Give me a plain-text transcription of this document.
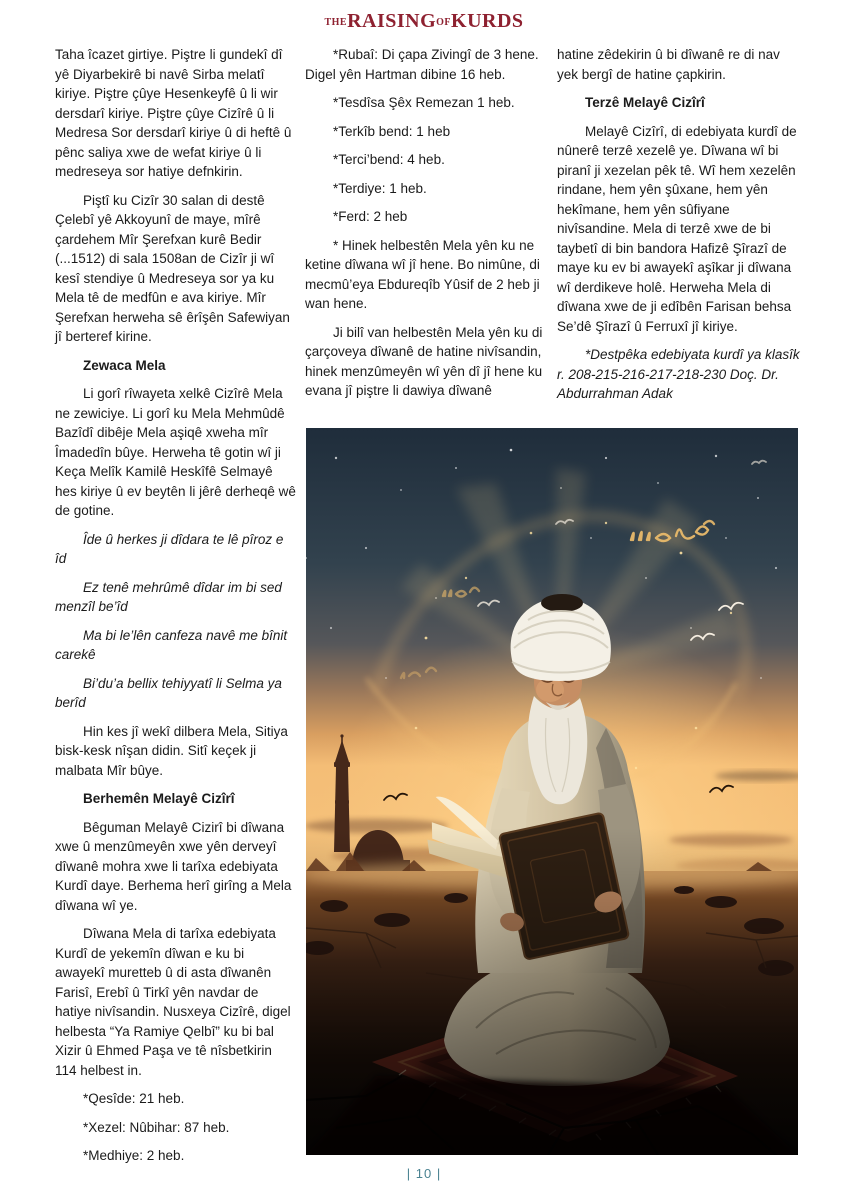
THERAISINGOFKURDS

Taha îcazet girtiye. Piştre li gundekî dî yê Diyarbekirê bi navê Sirba melatî kiriye. Piştre çûye Hesenkeyfê û li wir dersdarî kiriye. Piştre çûye Cizîrê û li Medresa Sor dersdarî kiriye û di heftê û pênc saliya xwe de wefat kiriye û li medreseya sor hatiye defnkirin.

Piştî ku Cizîr 30 salan di destê Çelebî yê Akkoyunî de maye, mîrê çardehem Mîr Şerefxan kurê Bedir (...1512) di sala 1508an de Cizîr ji wî kesî stendiye û Medreseya sor ya ku Mela tê de medfûn e ava kiriye. Mîr Şerefxan herweha sê êrîşên Safewiyan jî berteref kirine.

Zewaca Mela

Li gorî rîwayeta xelkê Cizîrê Mela ne zewiciye. Li gorî ku Mela Mehmûdê Bazîdî dibêje Mela aşiqê xweha mîr Îmadedîn bûye. Herweha tê gotin wî ji Keça Melîk Kamilê Heskîfê Selmayê hes kiriye û ev beytên li jêrê derheqê wê de gotine.

Îde û herkes ji dîdara te lê pîroz e îd

Ez tenê mehrûmê dîdar im bi sed menzîl be’îd

Ma bi le’lên canfeza navê me bînit carekê

Bi’du’a bellix tehiyyatî li Selma ya berîd

Hin kes jî wekî dilbera Mela, Sitiya bisk-kesk nîşan didin. Sitî keçek ji malbata Mîr bûye.

Berhemên Melayê Cizîrî

Bêguman Melayê Cizirî bi dîwana xwe û menzûmeyên xwe yên derveyî dîwanê mohra xwe li tarîxa edebiyata Kurdî daye. Berhema herî girîng a Mela dîwana wî ye.

Dîwana Mela di tarîxa edebiyata Kurdî de yekemîn dîwan e ku bi awayekî muretteb û di asta dîwanên Farisî, Erebî û Tirkî yên navdar de hatiye nivîsandin. Nusxeya Cizîrê, digel helbesta “Ya Ramiye Qelbî” ku bi bal Xizir û Ehmed Paşa ve tê nîsbetkirin 114 helbest in.

*Qesîde: 21 heb.

*Xezel: Nûbihar: 87 heb.

*Medhiye: 2 heb.

*Rubaî: Di çapa Zivingî de 3 hene. Digel yên Hartman dibine 16 heb.

*Tesdîsa Şêx Remezan 1 heb.

*Terkîb bend: 1 heb

*Terci’bend: 4 heb.

*Terdiye: 1 heb.

*Ferd: 2 heb

* Hinek helbestên Mela yên ku ne ketine dîwana wî jî hene. Bo nimûne, di mecmû’eya Ebdureqîb Yûsif de 2 heb ji wan hene.

Ji bilî van helbestên Mela yên ku di çarçoveya dîwanê de hatine nivîsandin, hinek menzûmeyên wî yên dî jî hene ku evana jî piştre li dawiya dîwanê

hatine zêdekirin û bi dîwanê re di nav yek bergî de hatine çapkirin.

Terzê Melayê Cizîrî

Melayê Cizîrî, di edebiyata kurdî de nûnerê terzê xezelê ye. Dîwana wî bi piranî ji xezelan pêk tê. Wî hem xezelên rindane, hem yên şûxane, hem yên hekîmane, hem yên sûfiyane nivîsandine. Mela di terzê xwe de bi taybetî di bin bandora Hafizê Şîrazî de maye ku ev bi awayekî aşîkar ji dîwana wî derdikeve holê. Herweha Mela di dîwana xwe de ji edîbên Farisan behsa Se’dê Şîrazî û Ferruxî jî kiriye.

*Destpêka edebiyata kurdî ya klasîk r. 208-215-216-217-218-230 Doç. Dr. Abdurrahman Adak

| 10 |
